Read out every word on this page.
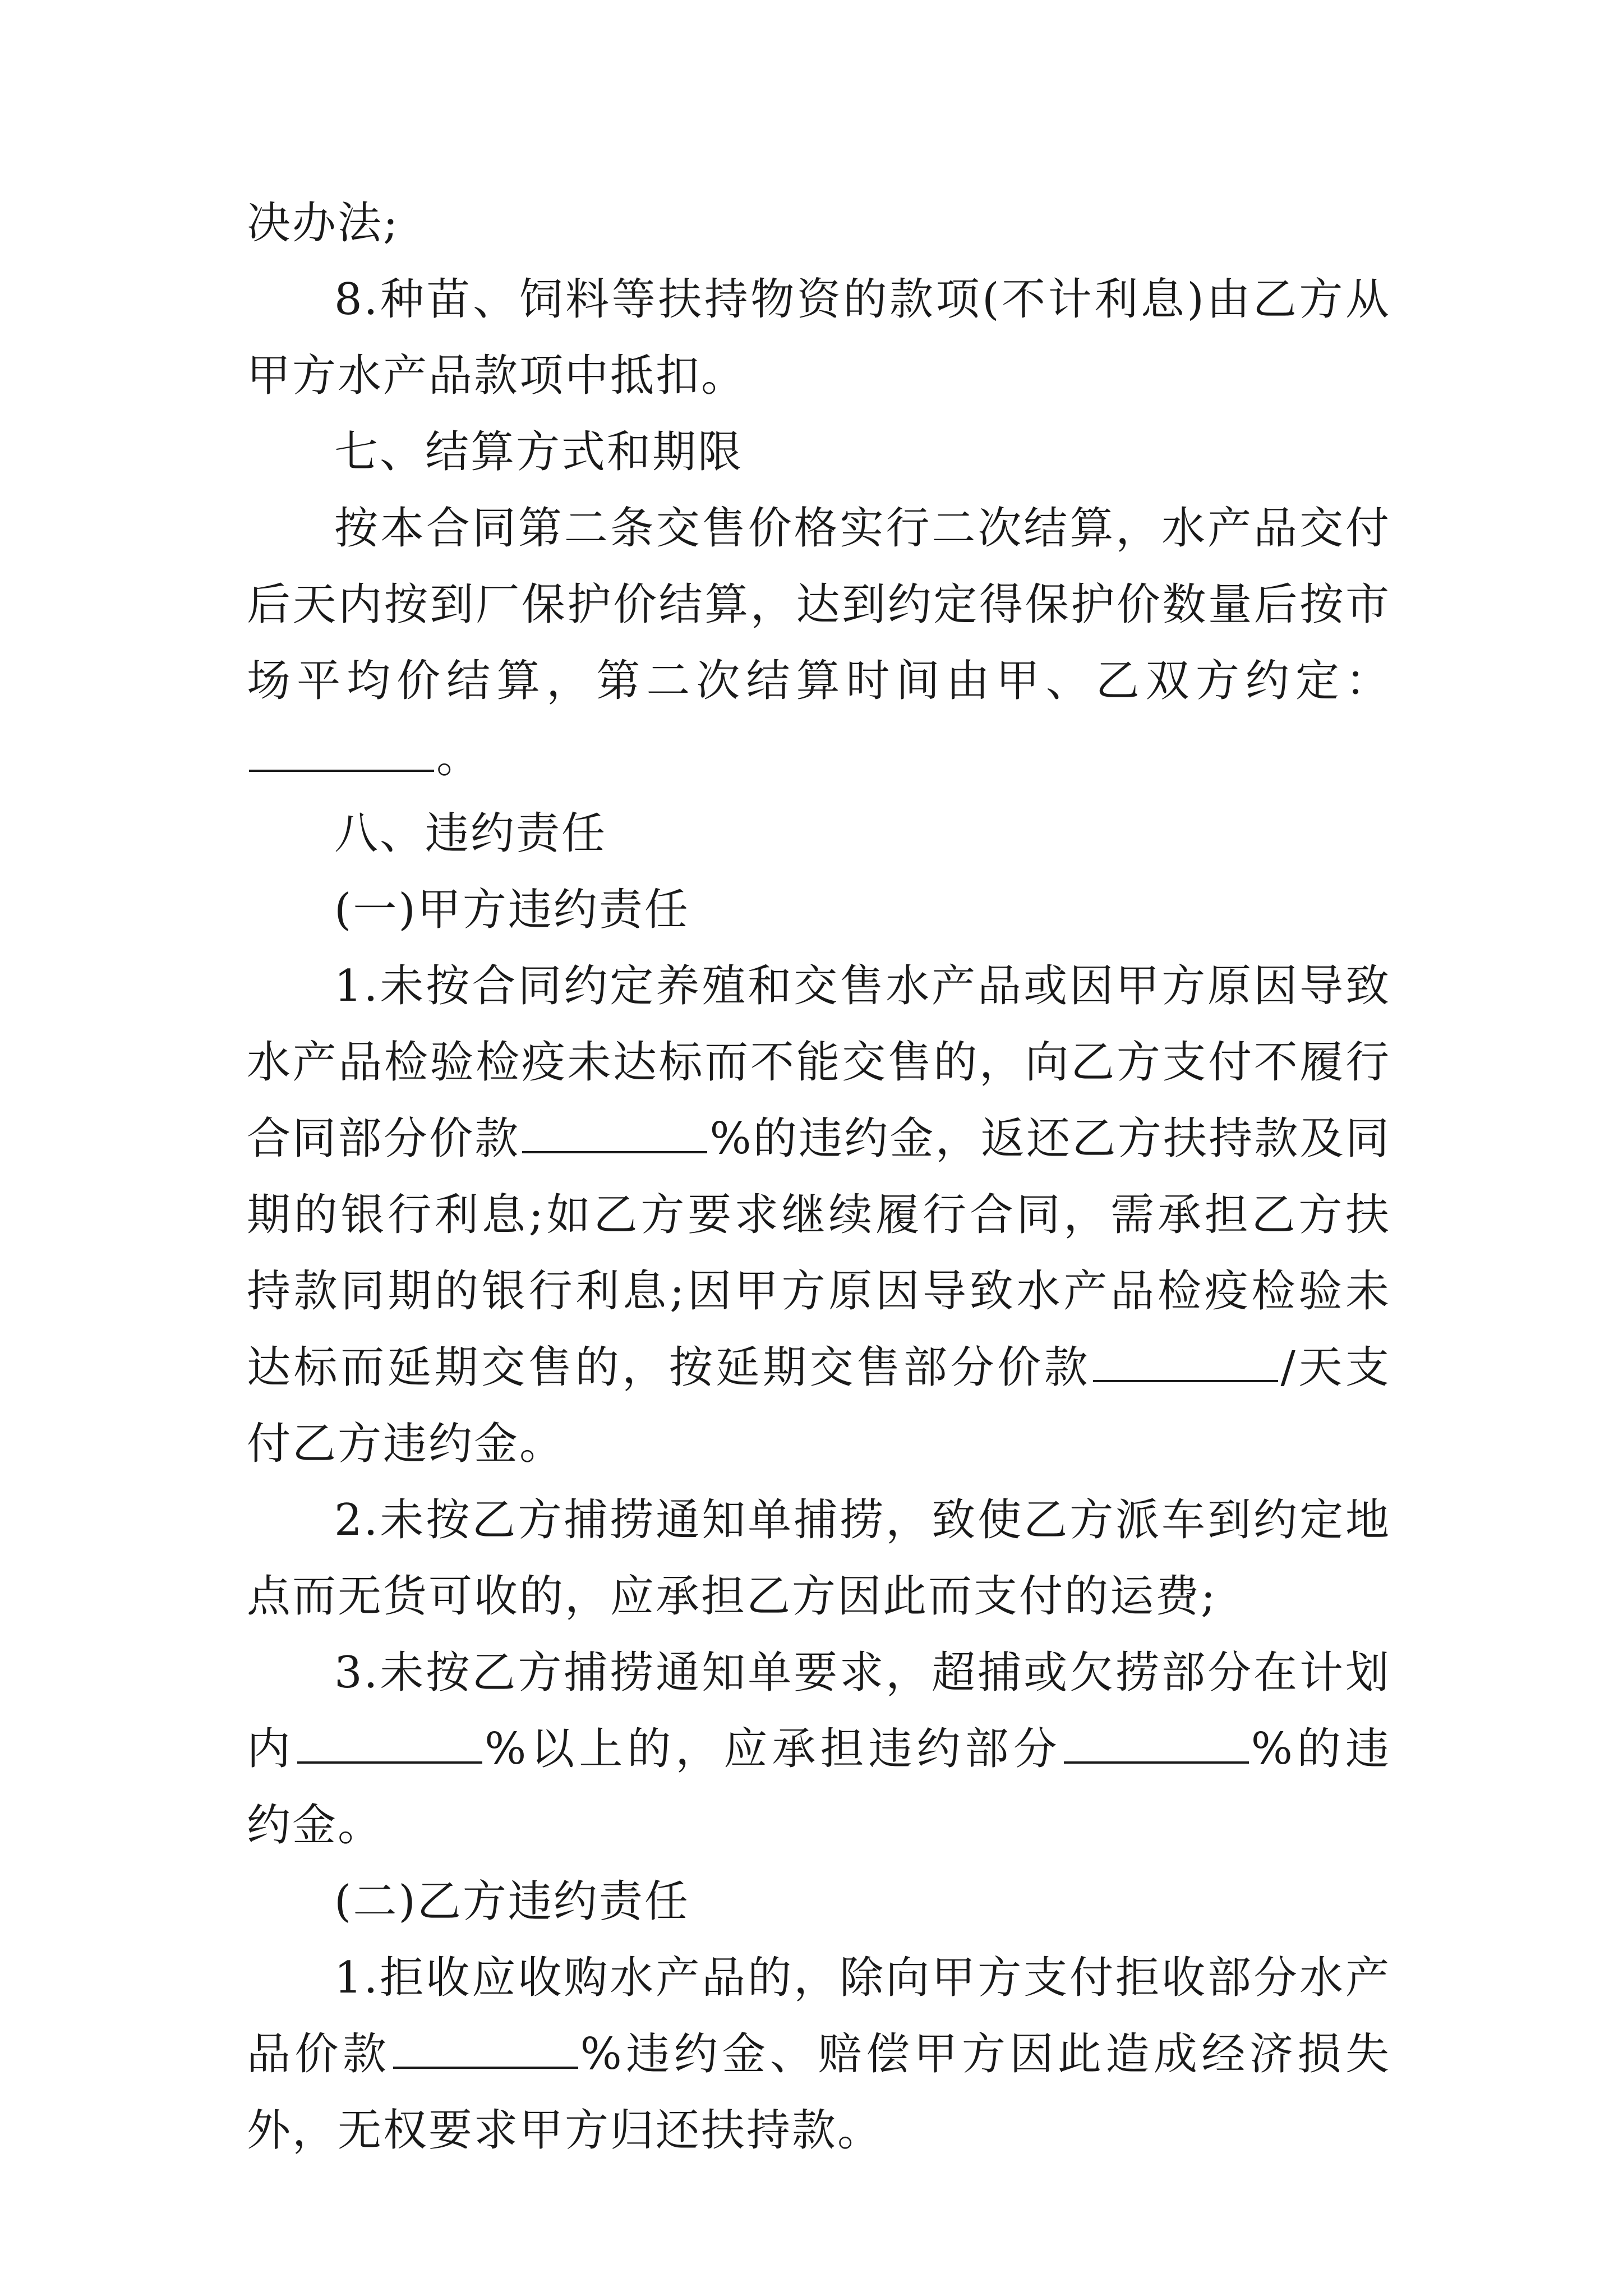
决办法;

8.种苗、饲料等扶持物资的款项(不计利息)由乙方从甲方水产品款项中抵扣。

七、结算方式和期限

按本合同第二条交售价格实行二次结算，水产品交付后天内按到厂保护价结算，达到约定得保护价数量后按市场平均价结算，第二次结算时间由甲、乙双方约定：。

八、违约责任

(一)甲方违约责任

1.未按合同约定养殖和交售水产品或因甲方原因导致水产品检验检疫未达标而不能交售的，向乙方支付不履行合同部分价款	%的违约金，返还乙方扶持款及同期的银行利息;如乙方要求继续履行合同，需承担乙方扶持款同期的银行利息;因甲方原因导致水产品检疫检验未达标而延期交售的，按延期交售部分价款	/天支付乙方违约金。

2.未按乙方捕捞通知单捕捞，致使乙方派车到约定地点而无货可收的，应承担乙方因此而支付的运费;

3.未按乙方捕捞通知单要求，超捕或欠捞部分在计划内	%以上的，应承担违约部分	%的违约金。

(二)乙方违约责任

1.拒收应收购水产品的，除向甲方支付拒收部分水产品价款	%违约金、赔偿甲方因此造成经济损失外，无权要求甲方归还扶持款。
